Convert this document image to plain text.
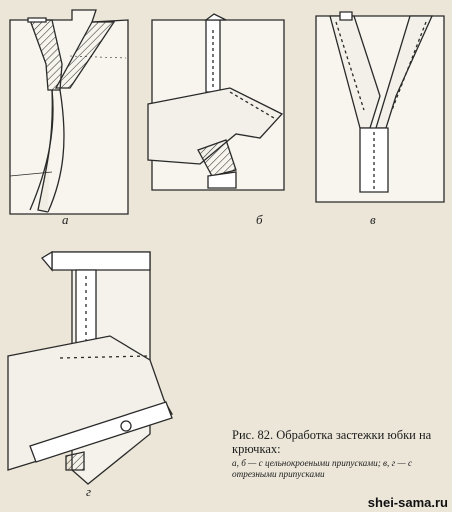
а	б	в
г
Рис. 82. Обработка застежки юбки на крючках:
а, б — с цельнокроеными припусками; в, г — с отрезными припусками
shei-sama.ru
